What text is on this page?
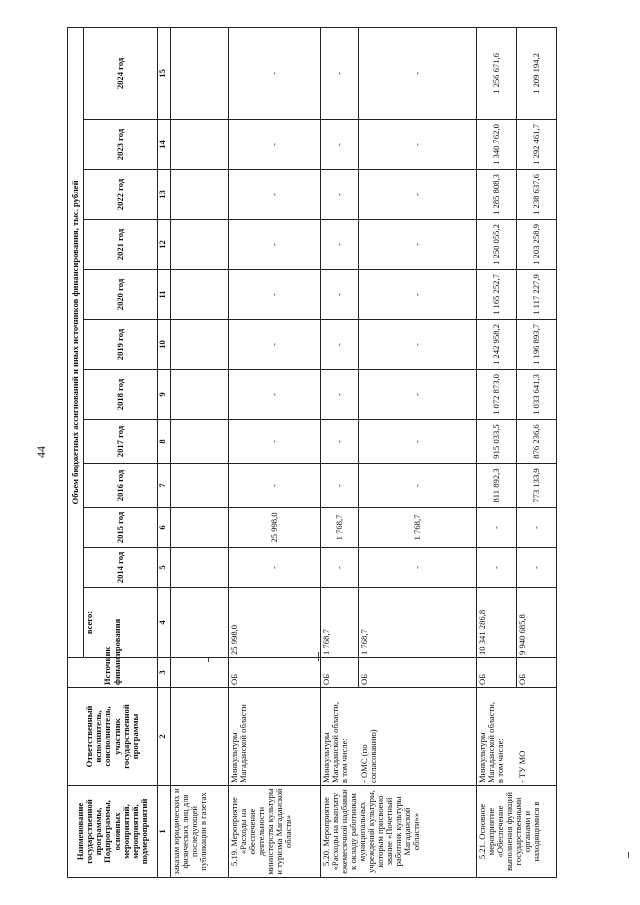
44
Наименование государственной программы, Подпрограммы, основных мероприятий, мероприятий, подмероприятий	Ответственный исполнитель, соисполнитель, участник государственной программы	Источник финансирования	Объем бюджетных ассигнований и иных источников финансирования, тыс. рублей											
			всего:	2014 год	2015 год	2016 год	2017 год	2018 год	2019 год	2020 год	2021 год	2022 год	2023 год	2024 год
1	2	3	4	5	6	7	8	9	10	11	12	13	14	15
заказам юридических и физических лиц для последующей публикации в газетах														
5.19. Мероприятие «Расходы на обеспечение деятельности министерства культуры и туризма Магаданской области»	Минкультуры Магаданской области	ОБ	25 998,0	-	25 998,0	-	-	-	-	-	-	-	-	-
5.20. Мероприятие «Расходы на выплату ежемесячной надбавки к окладу работникам муниципальных учреждений культуры, которым присвоено звание «Почетный работник культуры Магаданской области»»	Минкультуры Магаданской области, в том числе:	ОБ	1 768,7	-	1 768,7	-	-	-	-	-	-	-	-	-
	- ОМС (по согласованию)	ОБ	1 768,7	-	1 768,7	-	-	-	-	-	-	-	-	-
5.21. Основное мероприятие «Обеспечение выполнения функций государственными органами и находящимися в	Минкультуры Магаданской области, в том числе:	ОБ	10 341 286,8	-	-	811 892,3	915 033,5	1 072 873,0	1 242 958,2	1 165 252,7	1 250 055,2	1 285 808,3	1 340 762,0	1 256 671,6
	- ТУ МО	ОБ	9 940 685,8	-	-	773 133,9	876 236,6	1 033 641,3	1 196 893,7	1 117 227,9	1 203 258,9	1 238 637,6	1 292 461,7	1 209 194,2
